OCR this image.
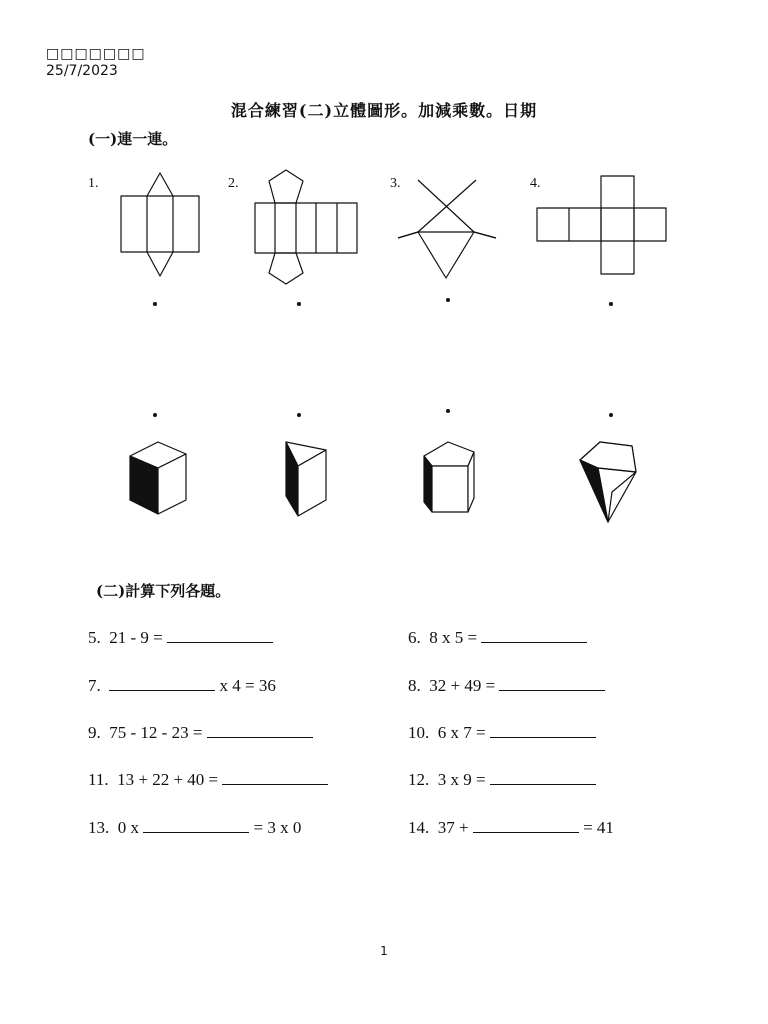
□□□□□□□
25/7/2023
混合練習(二)立體圖形。加減乘數。日期
(一)連一連。
1.	2.	3.	4.
(二)計算下列各題。
5. 21 - 9 =
7.	x 4 = 36
9. 75 - 12 - 23 =
11. 13 + 22 + 40 =
13. 0 x	= 3 x 0
6. 8 x 5 =
8. 32 + 49 =
10. 6 x 7 =
12. 3 x 9 =
14. 37 +	= 41
1
